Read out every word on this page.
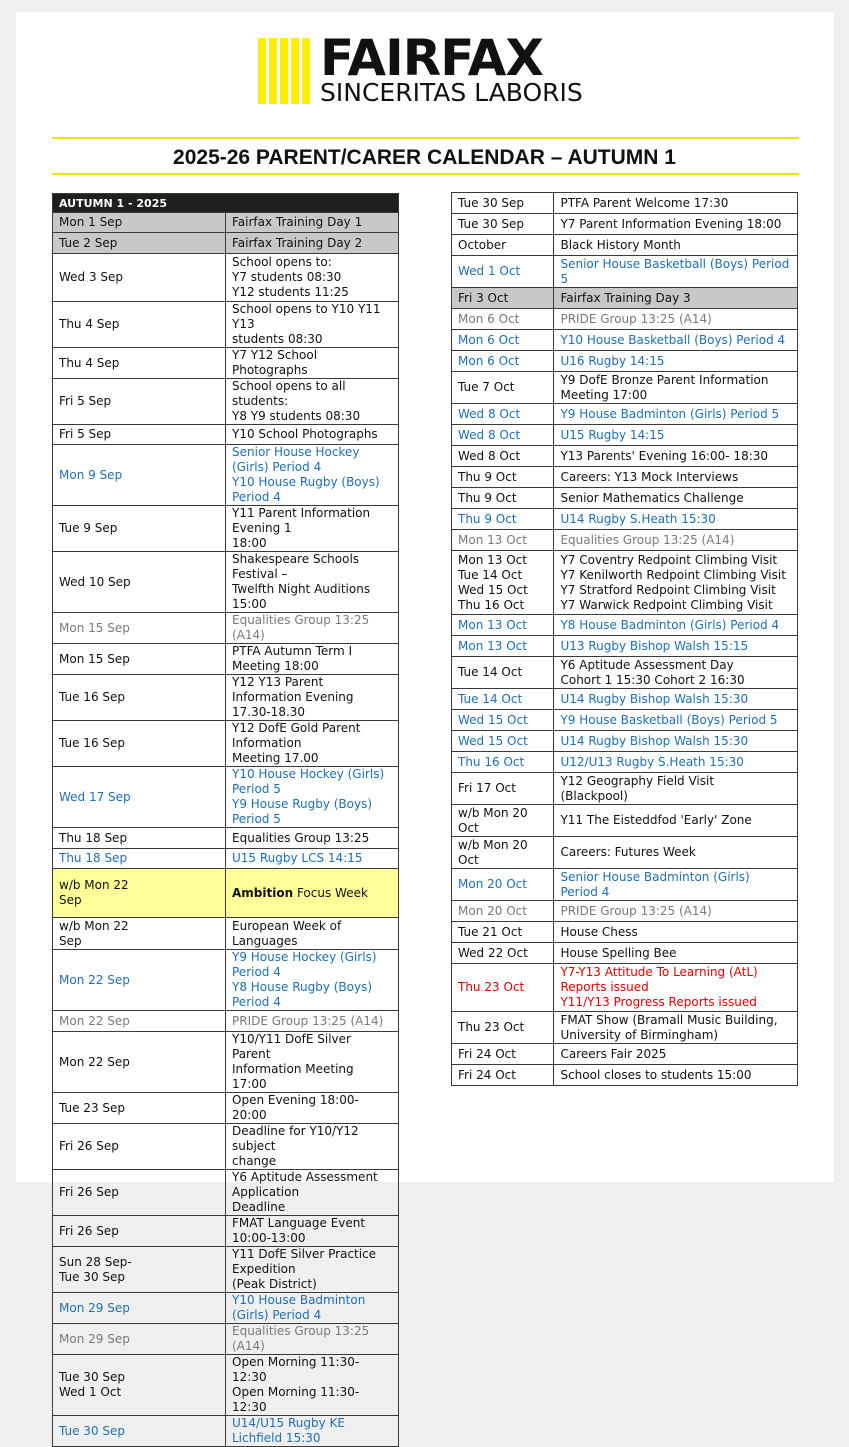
FAIRFAX
SINCERITAS LABORIS
2025-26 PARENT/CARER CALENDAR – AUTUMN 1
AUTUMN 1 - 2025	

Mon 1 Sep	Fairfax Training Day 1

Tue 2 Sep	Fairfax Training Day 2

Wed 3 Sep	School opens to:
Y7 students 08:30
Y12 students 11:25

Thu 4 Sep	School opens to Y10 Y11 Y13
students 08:30

Thu 4 Sep	Y7 Y12 School Photographs

Fri 5 Sep	School opens to all students:
Y8 Y9 students 08:30

Fri 5 Sep	Y10 School Photographs

Mon 9 Sep	Senior House Hockey (Girls) Period 4
Y10 House Rugby (Boys) Period 4

Tue 9 Sep	Y11 Parent Information Evening 1
18:00

Wed 10 Sep	Shakespeare Schools Festival –
Twelfth Night Auditions 15:00

Mon 15 Sep	Equalities Group 13:25 (A14)

Mon 15 Sep	PTFA Autumn Term I Meeting 18:00

Tue 16 Sep	Y12 Y13 Parent Information Evening
17.30-18.30

Tue 16 Sep	Y12 DofE Gold Parent Information
Meeting 17.00

Wed 17 Sep	Y10 House Hockey (Girls) Period 5
Y9 House Rugby (Boys) Period 5

Thu 18 Sep	Equalities Group 13:25

Thu 18 Sep	U15 Rugby LCS 14:15

w/b Mon 22
Sep	Ambition Focus Week

w/b Mon 22
Sep	European Week of Languages

Mon 22 Sep	Y9 House Hockey (Girls) Period 4
Y8 House Rugby (Boys) Period 4

Mon 22 Sep	PRIDE Group 13:25 (A14)

Mon 22 Sep	Y10/Y11 DofE Silver Parent
Information Meeting 17:00

Tue 23 Sep	Open Evening 18:00- 20:00

Fri 26 Sep	Deadline for Y10/Y12 subject
change

Fri 26 Sep	Y6 Aptitude Assessment Application
Deadline

Fri 26 Sep	FMAT Language Event 10:00-13:00

Sun 28 Sep-
Tue 30 Sep	Y11 DofE Silver Practice Expedition
(Peak District)

Mon 29 Sep	Y10 House Badminton (Girls) Period 4

Mon 29 Sep	Equalities Group 13:25 (A14)

Tue 30 Sep
Wed 1 Oct	Open Morning 11:30-12:30
Open Morning 11:30-12:30

Tue 30 Sep	U14/U15 Rugby KE Lichfield 15:30
Tue 30 Sep	PTFA Parent Welcome 17:30

Tue 30 Sep	Y7 Parent Information Evening 18:00

October	Black History Month

Wed 1 Oct	Senior House Basketball (Boys) Period
5

Fri 3 Oct	Fairfax Training Day 3

Mon 6 Oct	PRIDE Group 13:25 (A14)

Mon 6 Oct	Y10 House Basketball (Boys) Period 4

Mon 6 Oct	U16 Rugby 14:15

Tue 7 Oct	Y9 DofE Bronze Parent Information
Meeting 17:00

Wed 8 Oct	Y9 House Badminton (Girls) Period 5

Wed 8 Oct	U15 Rugby 14:15

Wed 8 Oct	Y13 Parents' Evening 16:00- 18:30

Thu 9 Oct	Careers: Y13 Mock Interviews

Thu 9 Oct	Senior Mathematics Challenge

Thu 9 Oct	U14 Rugby S.Heath 15:30

Mon 13 Oct	Equalities Group 13:25 (A14)

Mon 13 Oct
Tue 14 Oct
Wed 15 Oct
Thu 16 Oct	Y7 Coventry Redpoint Climbing Visit
Y7 Kenilworth Redpoint Climbing Visit
Y7 Stratford Redpoint Climbing Visit
Y7 Warwick Redpoint Climbing Visit

Mon 13 Oct	Y8 House Badminton (Girls) Period 4

Mon 13 Oct	U13 Rugby Bishop Walsh 15:15

Tue 14 Oct	Y6 Aptitude Assessment Day
Cohort 1 15:30 Cohort 2 16:30

Tue 14 Oct	U14 Rugby Bishop Walsh 15:30

Wed 15 Oct	Y9 House Basketball (Boys) Period 5

Wed 15 Oct	U14 Rugby Bishop Walsh 15:30

Thu 16 Oct	U12/U13 Rugby S.Heath 15:30

Fri 17 Oct	Y12 Geography Field Visit
(Blackpool)

w/b Mon 20
Oct	Y11 The Eisteddfod 'Early' Zone

w/b Mon 20
Oct	Careers: Futures Week

Mon 20 Oct	Senior House Badminton (Girls)
Period 4

Mon 20 Oct	PRIDE Group 13:25 (A14)

Tue 21 Oct	House Chess

Wed 22 Oct	House Spelling Bee

Thu 23 Oct	Y7-Y13 Attitude To Learning (AtL)
Reports issued
Y11/Y13 Progress Reports issued

Thu 23 Oct	FMAT Show (Bramall Music Building,
University of Birmingham)

Fri 24 Oct	Careers Fair 2025

Fri 24 Oct	School closes to students 15:00
